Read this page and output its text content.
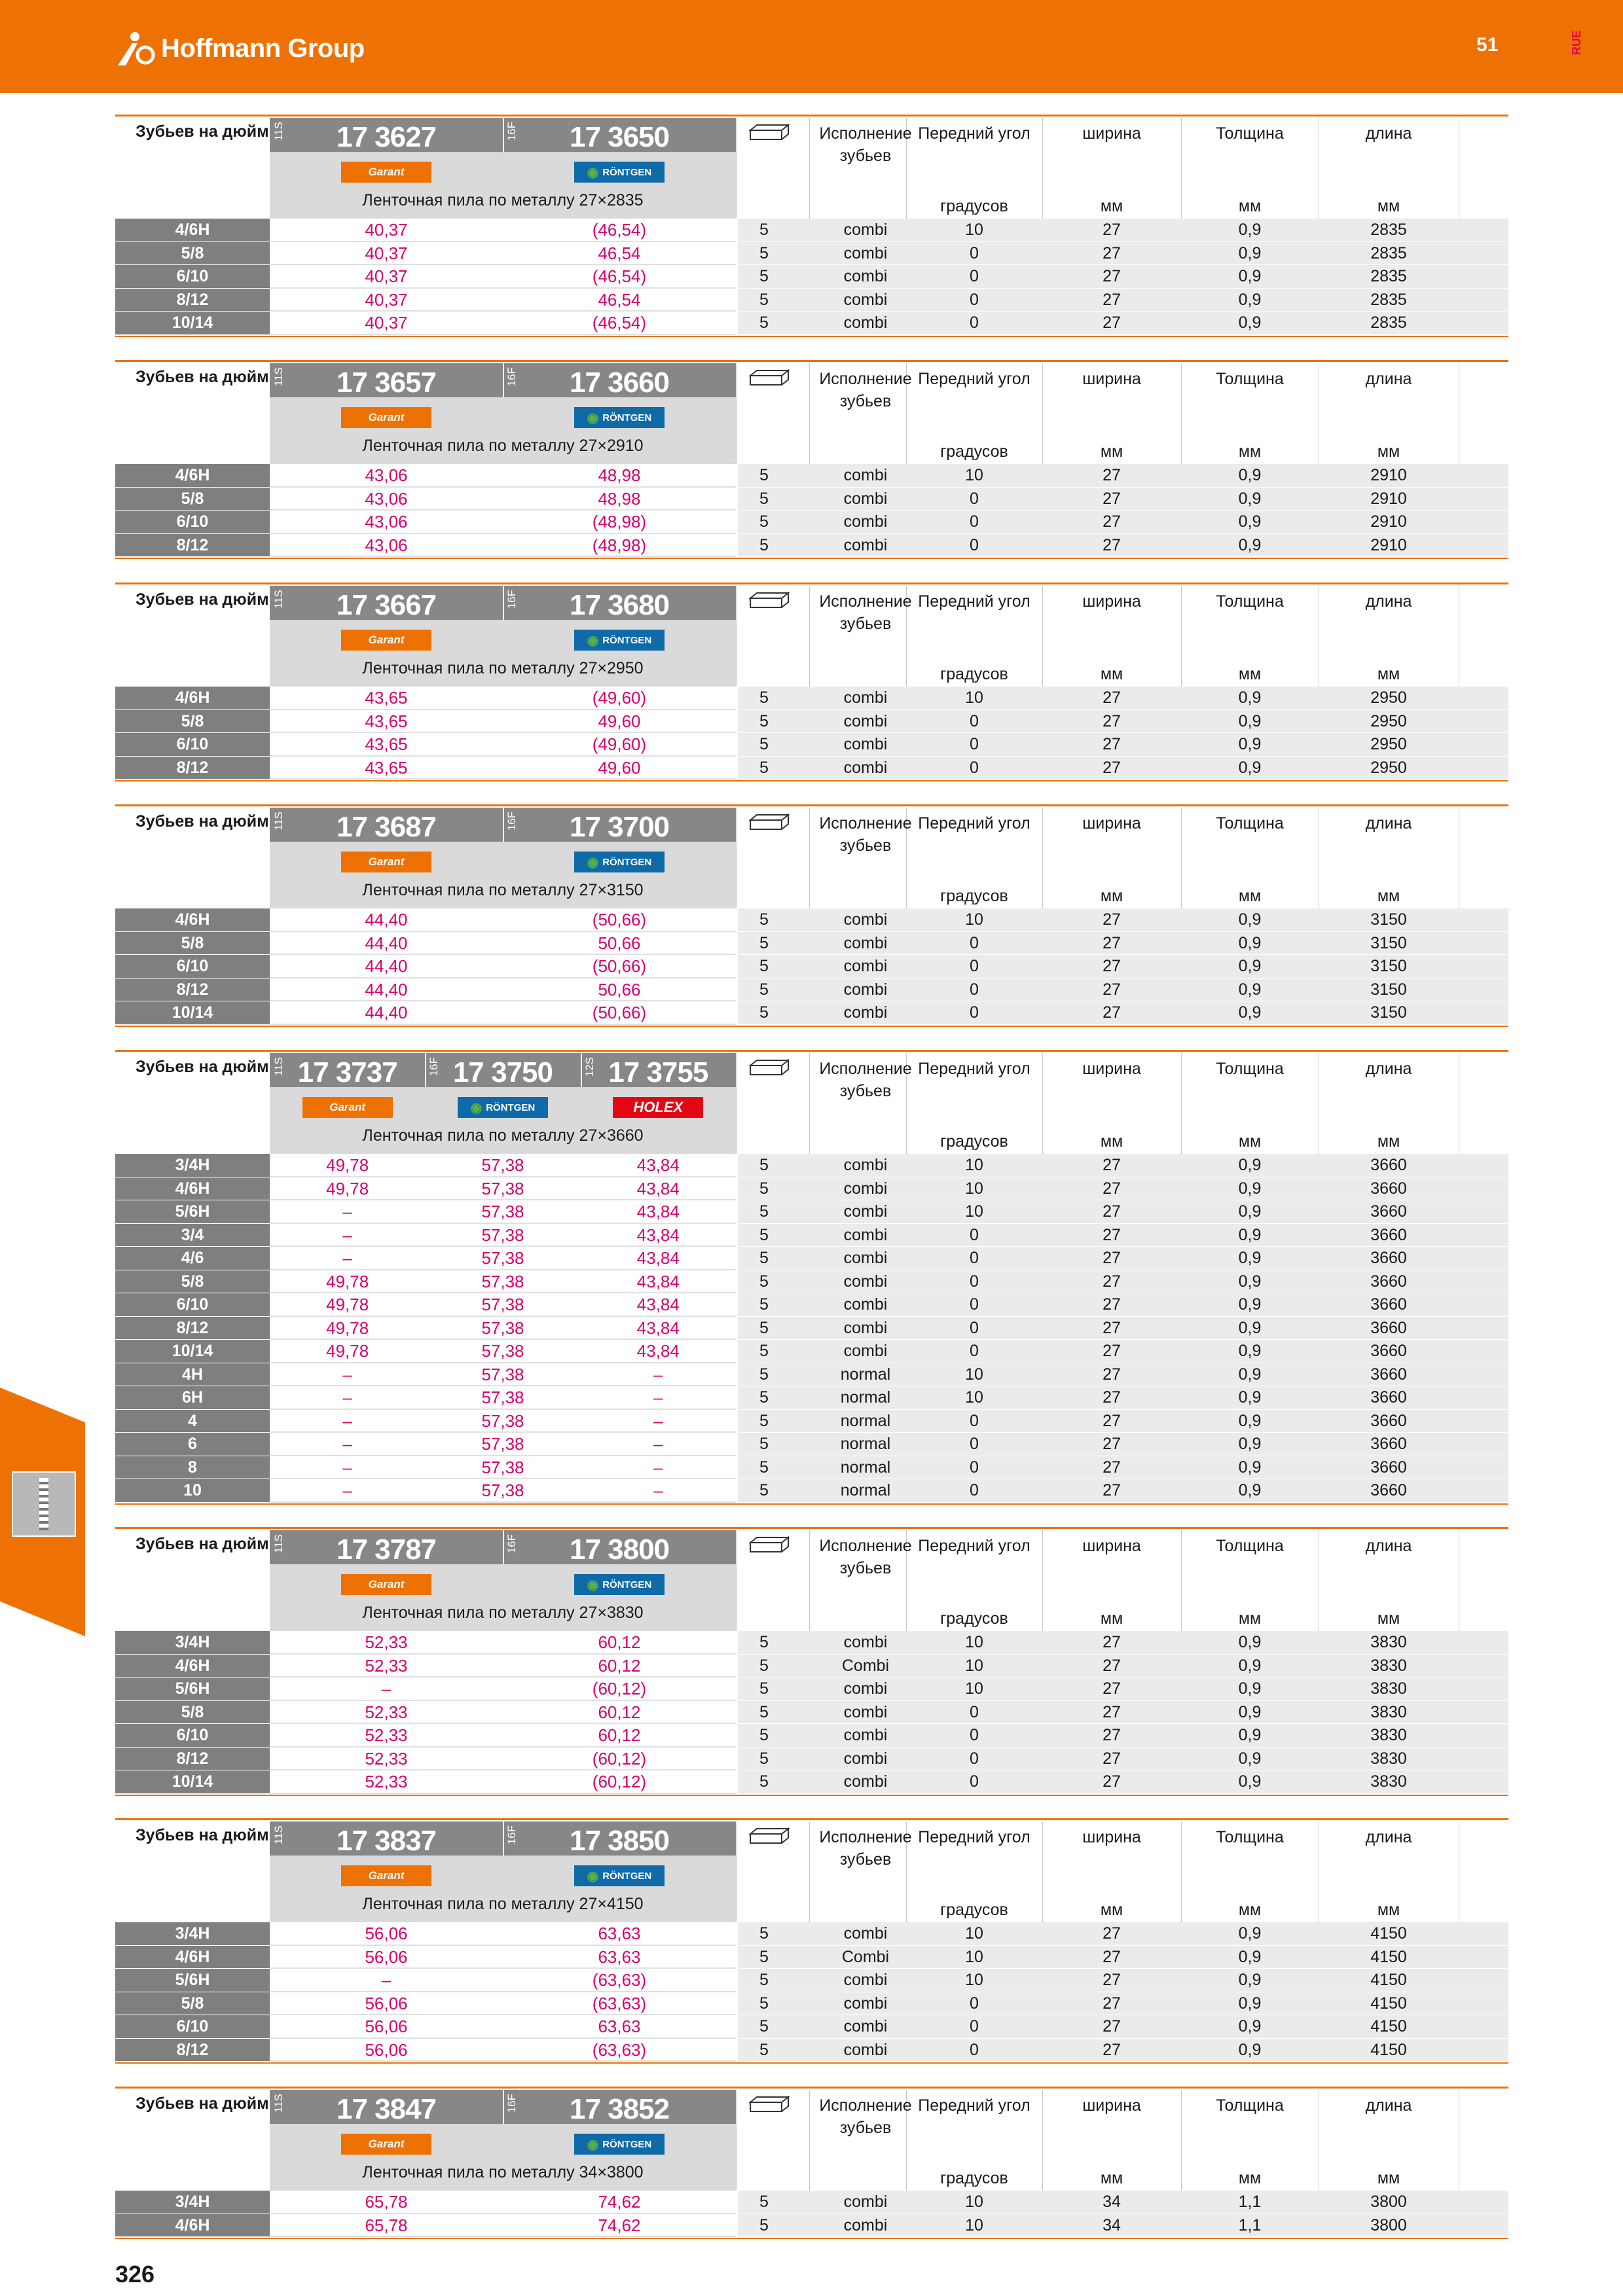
Hoffmann Group	51	RUE
326
Зубьев на дюйм 11S	17 3627
Garant
16F	17 3650
◉ RÖNTGEN
Ленточная пила по металлу 27×2835
Исполнение зубьев
Передний угол
градусов
ширина
мм
Толщина
мм
длина
мм
4/6H	40,37	(46,54)	5	combi	10	27	0,9	2835
5/8	40,37	46,54	5	combi	0	27	0,9	2835
6/10	40,37	(46,54)	5	combi	0	27	0,9	2835
8/12	40,37	46,54	5	combi	0	27	0,9	2835
10/14	40,37	(46,54)	5	combi	0	27	0,9	2835
Зубьев на дюйм 11S	17 3657
Garant
16F	17 3660
◉ RÖNTGEN
Ленточная пила по металлу 27×2910
Исполнение зубьев
Передний угол
градусов
ширина
мм
Толщина
мм
длина
мм
4/6H	43,06	48,98	5	combi	10	27	0,9	2910
5/8	43,06	48,98	5	combi	0	27	0,9	2910
6/10	43,06	(48,98)	5	combi	0	27	0,9	2910
8/12	43,06	(48,98)	5	combi	0	27	0,9	2910
Зубьев на дюйм 11S	17 3667
Garant
16F	17 3680
◉ RÖNTGEN
Ленточная пила по металлу 27×2950
Исполнение зубьев
Передний угол
градусов
ширина
мм
Толщина
мм
длина
мм
4/6H	43,65	(49,60)	5	combi	10	27	0,9	2950
5/8	43,65	49,60	5	combi	0	27	0,9	2950
6/10	43,65	(49,60)	5	combi	0	27	0,9	2950
8/12	43,65	49,60	5	combi	0	27	0,9	2950
Зубьев на дюйм 11S	17 3687
Garant
16F	17 3700
◉ RÖNTGEN
Ленточная пила по металлу 27×3150
Исполнение зубьев
Передний угол
градусов
ширина
мм
Толщина
мм
длина
мм
4/6H	44,40	(50,66)	5	combi	10	27	0,9	3150
5/8	44,40	50,66	5	combi	0	27	0,9	3150
6/10	44,40	(50,66)	5	combi	0	27	0,9	3150
8/12	44,40	50,66	5	combi	0	27	0,9	3150
10/14	44,40	(50,66)	5	combi	0	27	0,9	3150
Зубьев на дюйм 11S 17 3737
Garant
16F 17 3750
◉ RÖNTGEN
12S 17 3755
HOLEX
Ленточная пила по металлу 27×3660
Исполнение зубьев
Передний угол
градусов
ширина
мм
Толщина
мм
длина
мм
3/4H	49,78	57,38	43,84	5	combi	10	27	0,9	3660
4/6H	49,78	57,38	43,84	5	combi	10	27	0,9	3660
5/6H	–	57,38	43,84	5	combi	10	27	0,9	3660
3/4	–	57,38	43,84	5	combi	0	27	0,9	3660
4/6	–	57,38	43,84	5	combi	0	27	0,9	3660
5/8	49,78	57,38	43,84	5	combi	0	27	0,9	3660
6/10	49,78	57,38	43,84	5	combi	0	27	0,9	3660
8/12	49,78	57,38	43,84	5	combi	0	27	0,9	3660
10/14	49,78	57,38	43,84	5	combi	0	27	0,9	3660
4H	–	57,38	–	5	normal	10	27	0,9	3660
6H	–	57,38	–	5	normal	10	27	0,9	3660
4	–	57,38	–	5	normal	0	27	0,9	3660
6	–	57,38	–	5	normal	0	27	0,9	3660
8	–	57,38	–	5	normal	0	27	0,9	3660
10	–	57,38	–	5	normal	0	27	0,9	3660
Зубьев на дюйм 11S	17 3787
Garant
16F	17 3800
◉ RÖNTGEN
Ленточная пила по металлу 27×3830
Исполнение зубьев
Передний угол
градусов
ширина
мм
Толщина
мм
длина
мм
3/4H	52,33	60,12	5	combi	10	27	0,9	3830
4/6H	52,33	60,12	5	Combi	10	27	0,9	3830
5/6H	–	(60,12)	5	combi	10	27	0,9	3830
5/8	52,33	60,12	5	combi	0	27	0,9	3830
6/10	52,33	60,12	5	combi	0	27	0,9	3830
8/12	52,33	(60,12)	5	combi	0	27	0,9	3830
10/14	52,33	(60,12)	5	combi	0	27	0,9	3830
Зубьев на дюйм 11S	17 3837
Garant
16F	17 3850
◉ RÖNTGEN
Ленточная пила по металлу 27×4150
Исполнение зубьев
Передний угол
градусов
ширина
мм
Толщина
мм
длина
мм
3/4H	56,06	63,63	5	combi	10	27	0,9	4150
4/6H	56,06	63,63	5	Combi	10	27	0,9	4150
5/6H	–	(63,63)	5	combi	10	27	0,9	4150
5/8	56,06	(63,63)	5	combi	0	27	0,9	4150
6/10	56,06	63,63	5	combi	0	27	0,9	4150
8/12	56,06	(63,63)	5	combi	0	27	0,9	4150
Зубьев на дюйм 11S	17 3847
Garant
16F	17 3852
◉ RÖNTGEN
Ленточная пила по металлу 34×3800
Исполнение зубьев
Передний угол
градусов
ширина
мм
Толщина
мм
длина
мм
3/4H	65,78	74,62	5	combi	10	34	1,1	3800
4/6H	65,78	74,62	5	combi	10	34	1,1	3800
